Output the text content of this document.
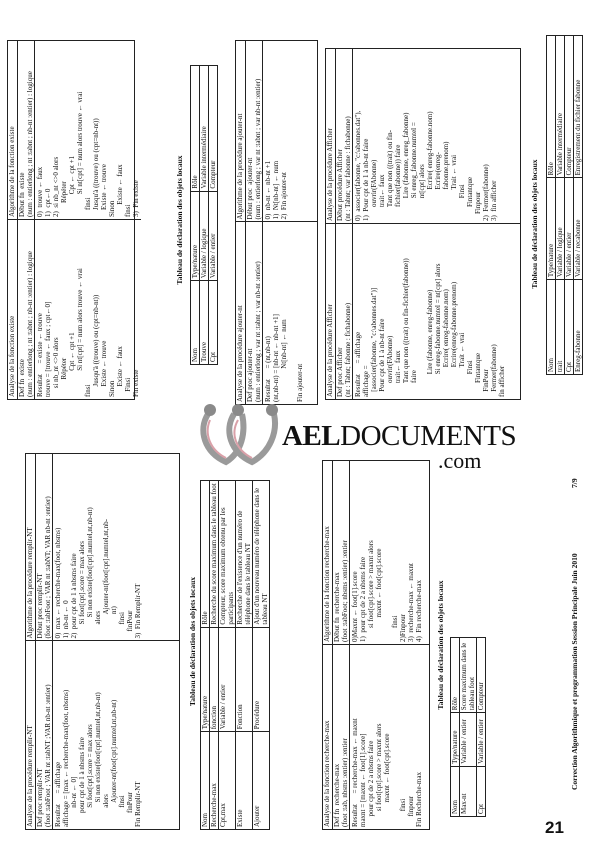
Analyse de la procédure remplir-NT Def proc remplir-NT (foot :tabFoot ; VAR nt :tabNT ;VAR nb-nt :entier) Resultat      = affichage affichage = [max ← recherche-max(foot, nbsms) nb-nt ← 0] pour cpt de 1 à nbsms faire Si foot[cpt].score = max alors Si non existe(foot[cpt].numtel,nt,nb-nt) alors Ajouter-nt(foot[cpt].numtel,nt,nb-nt) finsi finPour Fin Remplir-NT
Algorithme de la procédure remplir-NT Début proc remplir-NT (foot :tabFoot ; VAR nt :tabNT; VAR nb-nt :entier) 0)  max ← recherche-max(foot, nbsms) 1)  nb-nt ← 0 2)  pour cpt de 1 à nbsms faire Si foot[cpt].score = max alors Si non existe(foot[cpt].numtel,nt,nb-nt) alors Ajouter-nt(foot[cpt].numtel,nt,nb- nt) finsi finPour 3)  Fin Remplir-NT	Tableau de déclaration des objets locaux
Nom	Type/nature	Rôle
Recherche-max	fonction	Recherche du score maximum dans le tableau foot
Cpt,max	Variable / entier	Compteur, score maximum obtenu par les participants
Existe	Fonction	Recherche de l'existence d'un numéro de téléphone dans le tableau NT
Ajouter	Procédure	Ajout d'un nouveau numéro de téléphone dans le tableau NT
Analyse de la fonction recherche-max Def fn  recherche-max (foot :tab, nbsms :entier) :entier Resultat      = recherche-max ← maxnt maxnt = [maxnt ← foot[1].score] pour cpt de 2 a nbsms faire si foot[cpt].score > maxnt alors maxnt ← foot[cpt].score finsi finpour Fin Recherche-max
Algorithme de la fonction recherche-max Début fn  recherche-max (foot :tabFoot; nbsms :entier) :entier 0)Maxnt ← foot[1].score 1)  pour cpt de 2 a nbsms faire si foot[cpt].score > maxnt alors maxnt ← foot[cpt].score finsi 2)Finpour 3)  recherche-max ← maxnt 4)  Fin recherche-max Tableau de déclaration des objets locaux
Nom	Type/nature	Rôle
Max-nt	Variable / entier	Score maximum dans le tableau foot
Cpt	Variable / entier	Compteur	Correction Algorithmique et programmation Session Principale Juin 2010
7/9
Analyse de la fonction existe Def fn  existe (num : entierlong ; nt :tabnt ; nb-nt :entier) : logique Resultat      = existe ← trouve trouve = [trouve ← faux ; cpt←0] si nb_nt <>0 alors Répéter Cpt ← cpt +1 Si nt[cpt] = num alors trouve ← vrai finsi Jusqu'à ((trouve) ou (cpt=nb-nt)) Existe ← trouve Sinon Existe ← faux Finsi Fin existe
Algorithme de la fonction existe Début fn  existe (num : entierlong ; nt :tabnt ; nb-nt :entier) : logique 0)  trouve ← faux 1)  cpt←0 2)  si nb_nt <>0 alors Répéter Cpt ← cpt +1 Si nt[cpt] = num alors trouve ← vrai finsi Jusqu'à ((trouve) ou (cpt=nb-nt)) Existe ← trouve Sinon Existe ← faux finsi 3)  Fin existe	Tableau de déclaration des objets locaux
Nom	Type/nature	Rôle
Trouve	Variable / logique	Variable intermédiaire
Cpt	Variable / entier	Compteur
Analyse de la procédure ajouter-nt Def proc ajouter-nt (num : entierlong ; var nt :tabnt ; var nb-nt :entier) Resultat      = (nt,nb-nt) (nt,nb-nt) = [nb-nt ← nb-nt +1] Nt[nb-nt] ← num Fin ajouter-nt
Algorithme de la procédure ajouter-nt Début proc  ajouter-nt (num : entierlong ; var nt :tabnt ; var nb-nt :entier) 0)  nb-nt ← nb-nt +1 1)  Nt[nb-nt] ← num 2)  Fin ajouter-nt
Analyse de la procédure Afficher Def proc Afficher (nt : Tabnt; fabonne : fichabonne) Resultat      = affichage affichage = [associer(fabonne, "c:\abonnes.dat")] Pour cpt de 1 à nb-nt faire ouvrir(FAbonne) trait← faux Tant que non ((trait) ou fin-fichier(fabonne)) faire Lire (fabonne, enreg-fabonne) Si enreg-fabonne.numtel = nt[cpt] alors Ecrire( enreg-fabonne.nom) Ecrire(enreg-fabonne.prenom) Trait ← vrai Finsi Fintantque FinPour Fermer(fabonne) fin afficher
Analyse de la procédure Afficher Début procédure Afficher (nt : Tabnt; var fabonne : fichabonne) 0)  associer(fabonne, "c:\abonnes.dat"), 1)  Pour cpt de 1 à nb-nt faire ouvrir(FAbonne) trait← faux Tant que non ((trait) ou fin- fichier(fabonne)) faire Lire (fabonne, enreg_fabonne) Si enreg_fabonne.numtel = nt[cpt] alors Ecrire( enreg-fabonne.nom) Ecrire(enreg- fabonne.prenom) Trait ← vrai Finsi Fintantque Finpour 2)  Fermer(fabonne) 3)  fin afficher	Tableau de déclaration des objets locaux
Nom	Type/nature	Rôle
trait	Variable / logique	Variable intermédiaire
Cpt	Variable / entier	Compteur
Enreg-fabonne	Variable / recabonne	Enregistrement du fichier fabonne
AELDOCUMENTS
.com
21
